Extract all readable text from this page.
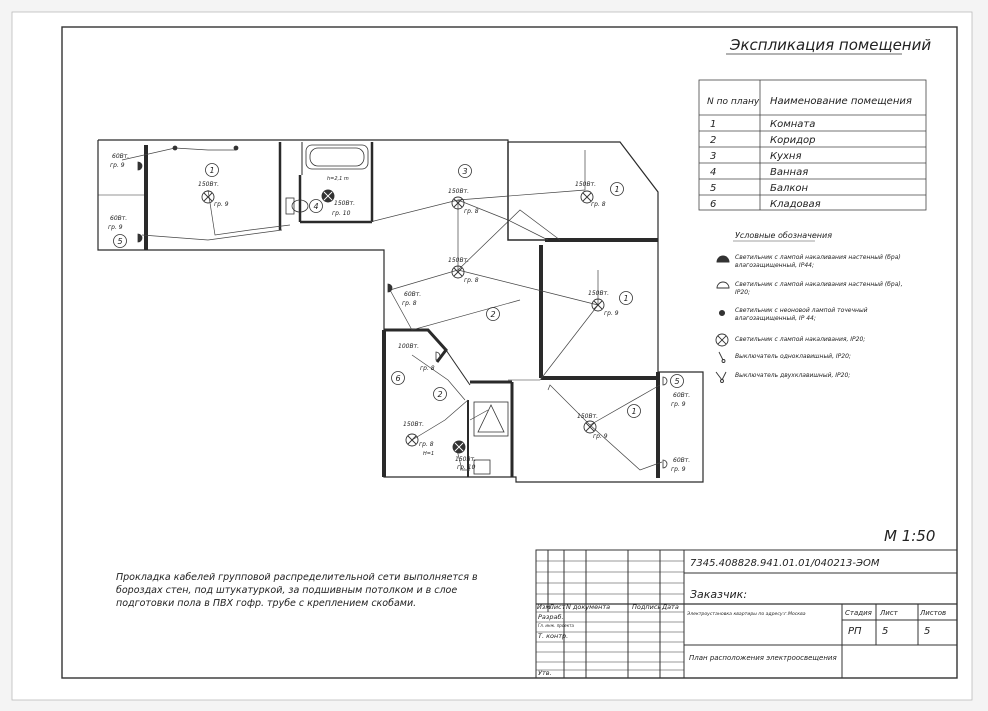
Экспликация помещений
N по плану Наименование помещения
1	Комната
2	Коридор
3	Кухня
4	Ванная
5	Балкон
6	Кладовая
Условные обозначения
Светильник с лампой накаливания настенный (бра)
влагозащищенный, IP44;
Светильник с лампой накаливания настенный (бра),
IP20;
Светильник с неоновой лампой точечный
влагозащищенный, IP 44;
Светильник с лампой накаливания, IP20;
Выключатель одноклавишный, IP20;
Выключатель двухклавишный, IP20;
1
4
3
1
5
2
1
6
2
1
5
150Вт.
гр. 9
150Вт.
гр. 8
150Вт.
гр. 8
150Вт.
гр. 8
150Вт.
гр. 9
150Вт.
гр. 9
150Вт.
гр. 8
150Вт.
гр. 10
150Вт.
гр. 10
60Вт.
гр. 9
60Вт.
гр. 9
60Вт.
гр. 8
100Вт.
гр. 8
60Вт.
гр. 9
60Вт.
гр. 9
h=2,1 m
H=1
М 1:50
Прокладка кабелей групповой распределительной сети выполняется в
бороздах стен, под штукатуркой, за подшивным потолком и в слое
подготовки пола в ПВХ гофр. трубе с креплением скобами.
7345.408828.941.01.01/040213-ЭОМ
Заказчик:
Электроустановка квартиры по адресу:г.Москва
План расположения электроосвещения
Стадия Лист	Листов
РП 5	5
Изм.
Лист N документа	Подпись Дата
Разраб.
Гл. инж. проекта
Т. контр.
Утв.
